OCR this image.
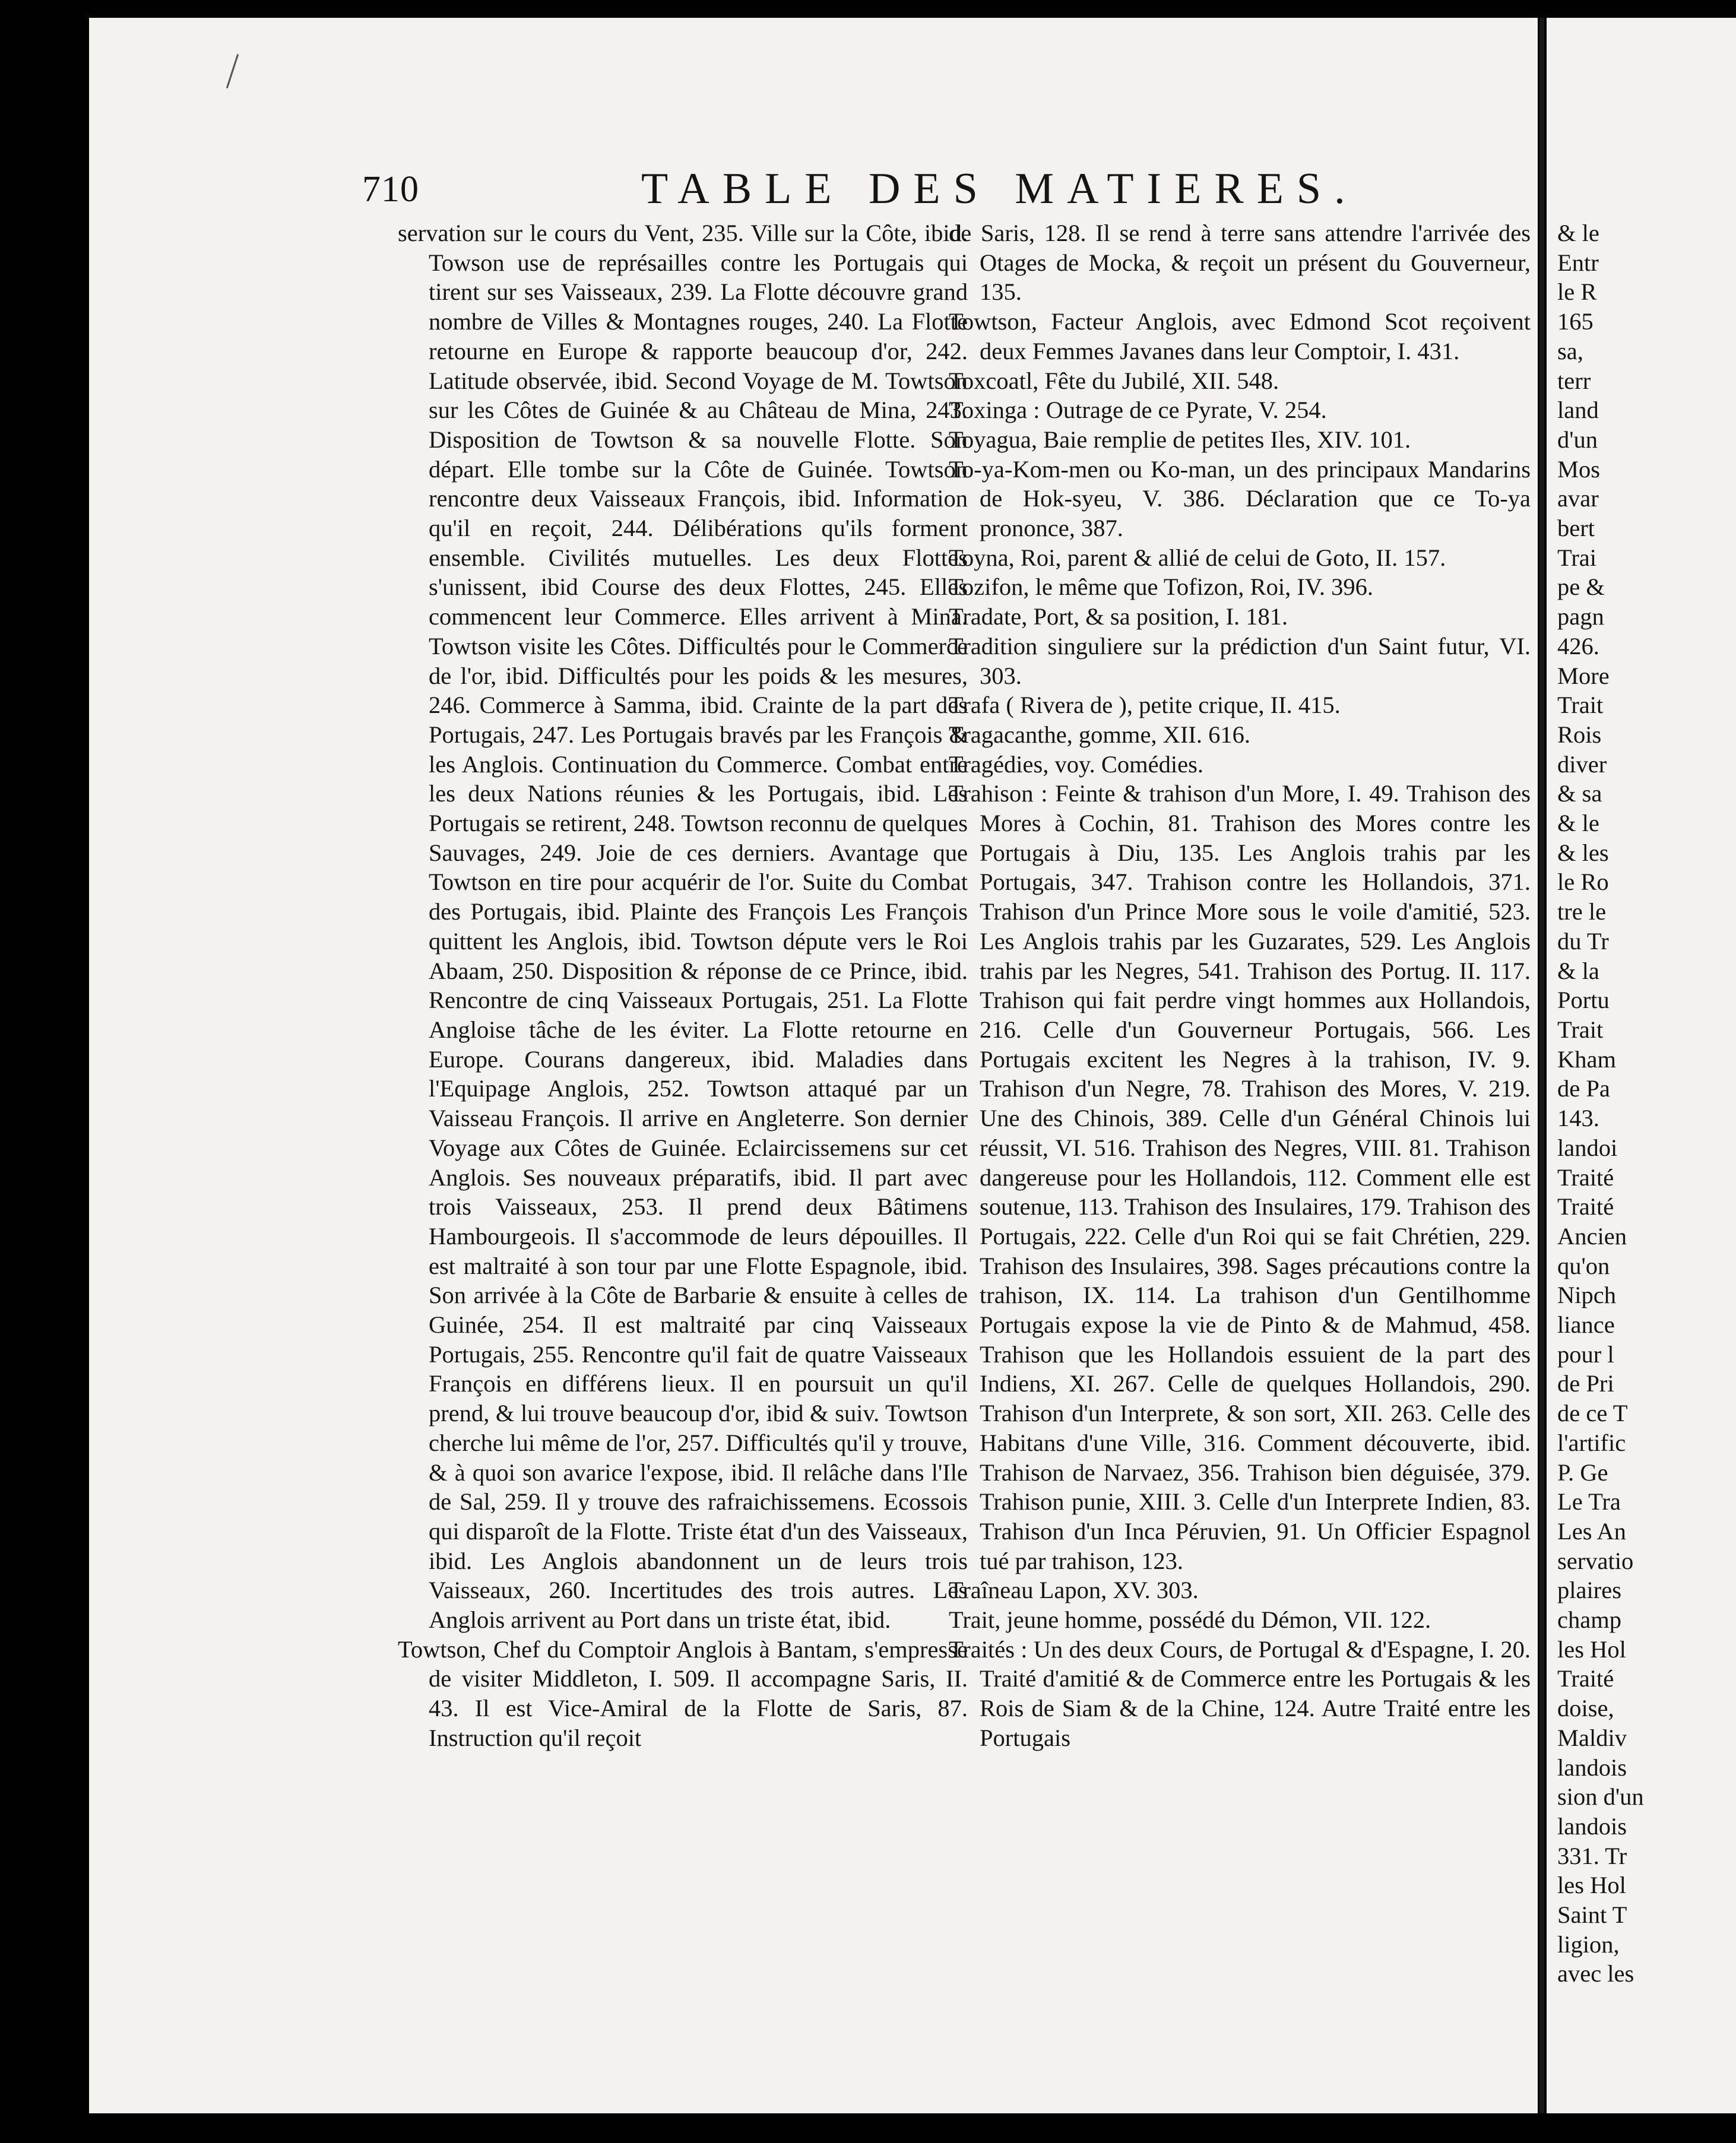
710	TABLE DES MATIERES.

servation sur le cours du Vent, 235. Ville sur la Côte, ibid. Towson use de représailles contre les Portugais qui tirent sur ses Vaisseaux, 239. La Flotte découvre grand nombre de Villes & Montagnes rouges, 240. La Flotte retourne en Europe & rapporte beaucoup d'or, 242. Latitude observée, ibid. Second Voyage de M. Towtson sur les Côtes de Guinée & au Château de Mina, 243. Disposition de Towtson & sa nouvelle Flotte. Son départ. Elle tombe sur la Côte de Guinée. Towtson rencontre deux Vaisseaux François, ibid. Information qu'il en reçoit, 244. Délibérations qu'ils forment ensemble. Civilités mutuelles. Les deux Flottes s'unissent, ibid Course des deux Flottes, 245. Elles commencent leur Commerce. Elles arrivent à Mina. Towtson visite les Côtes. Difficultés pour le Commerce de l'or, ibid. Difficultés pour les poids & les mesures, 246. Commerce à Samma, ibid. Crainte de la part des Portugais, 247. Les Portugais bravés par les François & les Anglois. Continuation du Commerce. Combat entre les deux Nations réunies & les Portugais, ibid. Les Portugais se retirent, 248. Towtson reconnu de quelques Sauvages, 249. Joie de ces derniers. Avantage que Towtson en tire pour acquérir de l'or. Suite du Combat des Portugais, ibid. Plainte des François Les François quittent les Anglois, ibid. Towtson députe vers le Roi Abaam, 250. Disposition & réponse de ce Prince, ibid. Rencontre de cinq Vaisseaux Portugais, 251. La Flotte Angloise tâche de les éviter. La Flotte retourne en Europe. Courans dangereux, ibid. Maladies dans l'Equipage Anglois, 252. Towtson attaqué par un Vaisseau François. Il arrive en Angleterre. Son dernier Voyage aux Côtes de Guinée. Eclaircissemens sur cet Anglois. Ses nouveaux préparatifs, ibid. Il part avec trois Vaisseaux, 253. Il prend deux Bâtimens Hambourgeois. Il s'accommode de leurs dépouilles. Il est maltraité à son tour par une Flotte Espagnole, ibid. Son arrivée à la Côte de Barbarie & ensuite à celles de Guinée, 254. Il est maltraité par cinq Vaisseaux Portugais, 255. Rencontre qu'il fait de quatre Vaisseaux François en différens lieux. Il en poursuit un qu'il prend, & lui trouve beaucoup d'or, ibid & suiv. Towtson cherche lui même de l'or, 257. Difficultés qu'il y trouve, & à quoi son avarice l'expose, ibid. Il relâche dans l'Ile de Sal, 259. Il y trouve des rafraichissemens. Ecossois qui disparoît de la Flotte. Triste état d'un des Vaisseaux, ibid. Les Anglois abandonnent un de leurs trois Vaisseaux, 260. Incertitudes des trois autres. Les Anglois arrivent au Port dans un triste état, ibid.

Towtson, Chef du Comptoir Anglois à Bantam, s'empresse de visiter Middleton, I. 509. Il accompagne Saris, II. 43. Il est Vice-Amiral de la Flotte de Saris, 87. Instruction qu'il reçoit

de Saris, 128. Il se rend à terre sans attendre l'arrivée des Otages de Mocka, & reçoit un présent du Gouverneur, 135.

Towtson, Facteur Anglois, avec Edmond Scot reçoivent deux Femmes Javanes dans leur Comptoir, I. 431.

Toxcoatl, Fête du Jubilé, XII. 548.

Toxinga : Outrage de ce Pyrate, V. 254.

Toyagua, Baie remplie de petites Iles, XIV. 101.

To-ya-Kom-men ou Ko-man, un des principaux Mandarins de Hok-syeu, V. 386. Déclaration que ce To-ya prononce, 387.

Toyna, Roi, parent & allié de celui de Goto, II. 157.

Tozifon, le même que Tofizon, Roi, IV. 396.

Tradate, Port, & sa position, I. 181.

Tradition singuliere sur la prédiction d'un Saint futur, VI. 303.

Trafa ( Rivera de ), petite crique, II. 415.

Tragacanthe, gomme, XII. 616.

Tragédies, voy. Comédies.

Trahison : Feinte & trahison d'un More, I. 49. Trahison des Mores à Cochin, 81. Trahison des Mores contre les Portugais à Diu, 135. Les Anglois trahis par les Portugais, 347. Trahison contre les Hollandois, 371. Trahison d'un Prince More sous le voile d'amitié, 523. Les Anglois trahis par les Guzarates, 529. Les Anglois trahis par les Negres, 541. Trahison des Portug. II. 117. Trahison qui fait perdre vingt hommes aux Hollandois, 216. Celle d'un Gouverneur Portugais, 566. Les Portugais excitent les Negres à la trahison, IV. 9. Trahison d'un Negre, 78. Trahison des Mores, V. 219. Une des Chinois, 389. Celle d'un Général Chinois lui réussit, VI. 516. Trahison des Negres, VIII. 81. Trahison dangereuse pour les Hollandois, 112. Comment elle est soutenue, 113. Trahison des Insulaires, 179. Trahison des Portugais, 222. Celle d'un Roi qui se fait Chrétien, 229. Trahison des Insulaires, 398. Sages précautions contre la trahison, IX. 114. La trahison d'un Gentilhomme Portugais expose la vie de Pinto & de Mahmud, 458. Trahison que les Hollandois essuient de la part des Indiens, XI. 267. Celle de quelques Hollandois, 290. Trahison d'un Interprete, & son sort, XII. 263. Celle des Habitans d'une Ville, 316. Comment découverte, ibid. Trahison de Narvaez, 356. Trahison bien déguisée, 379. Trahison punie, XIII. 3. Celle d'un Interprete Indien, 83. Trahison d'un Inca Péruvien, 91. Un Officier Espagnol tué par trahison, 123.

Traîneau Lapon, XV. 303.

Trait, jeune homme, possédé du Démon, VII. 122.

Traités : Un des deux Cours, de Portugal & d'Espagne, I. 20. Traité d'amitié & de Commerce entre les Portugais & les Rois de Siam & de la Chine, 124. Autre Traité entre les Portugais

& le
Entr
le R
165
sa,
terr
land
d'un
Mos
avar
bert
Trai
pe &
pagn
426.
More
Trait
Rois
diver
& sa
& le
& les
le Ro
tre le
du Tr
& la
Portu
Trait
Kham
de Pa
143.
landoi
Traité
Traité
Ancien
qu'on
Nipch
liance
pour l
de Pri
de ce T
l'artific
P. Ge
Le Tra
Les An
servatio
plaires
champ
les Hol
Traité
doise,
Maldiv
landois
sion d'un
landois
331. Tr
les Hol
Saint T
ligion,
avec les
